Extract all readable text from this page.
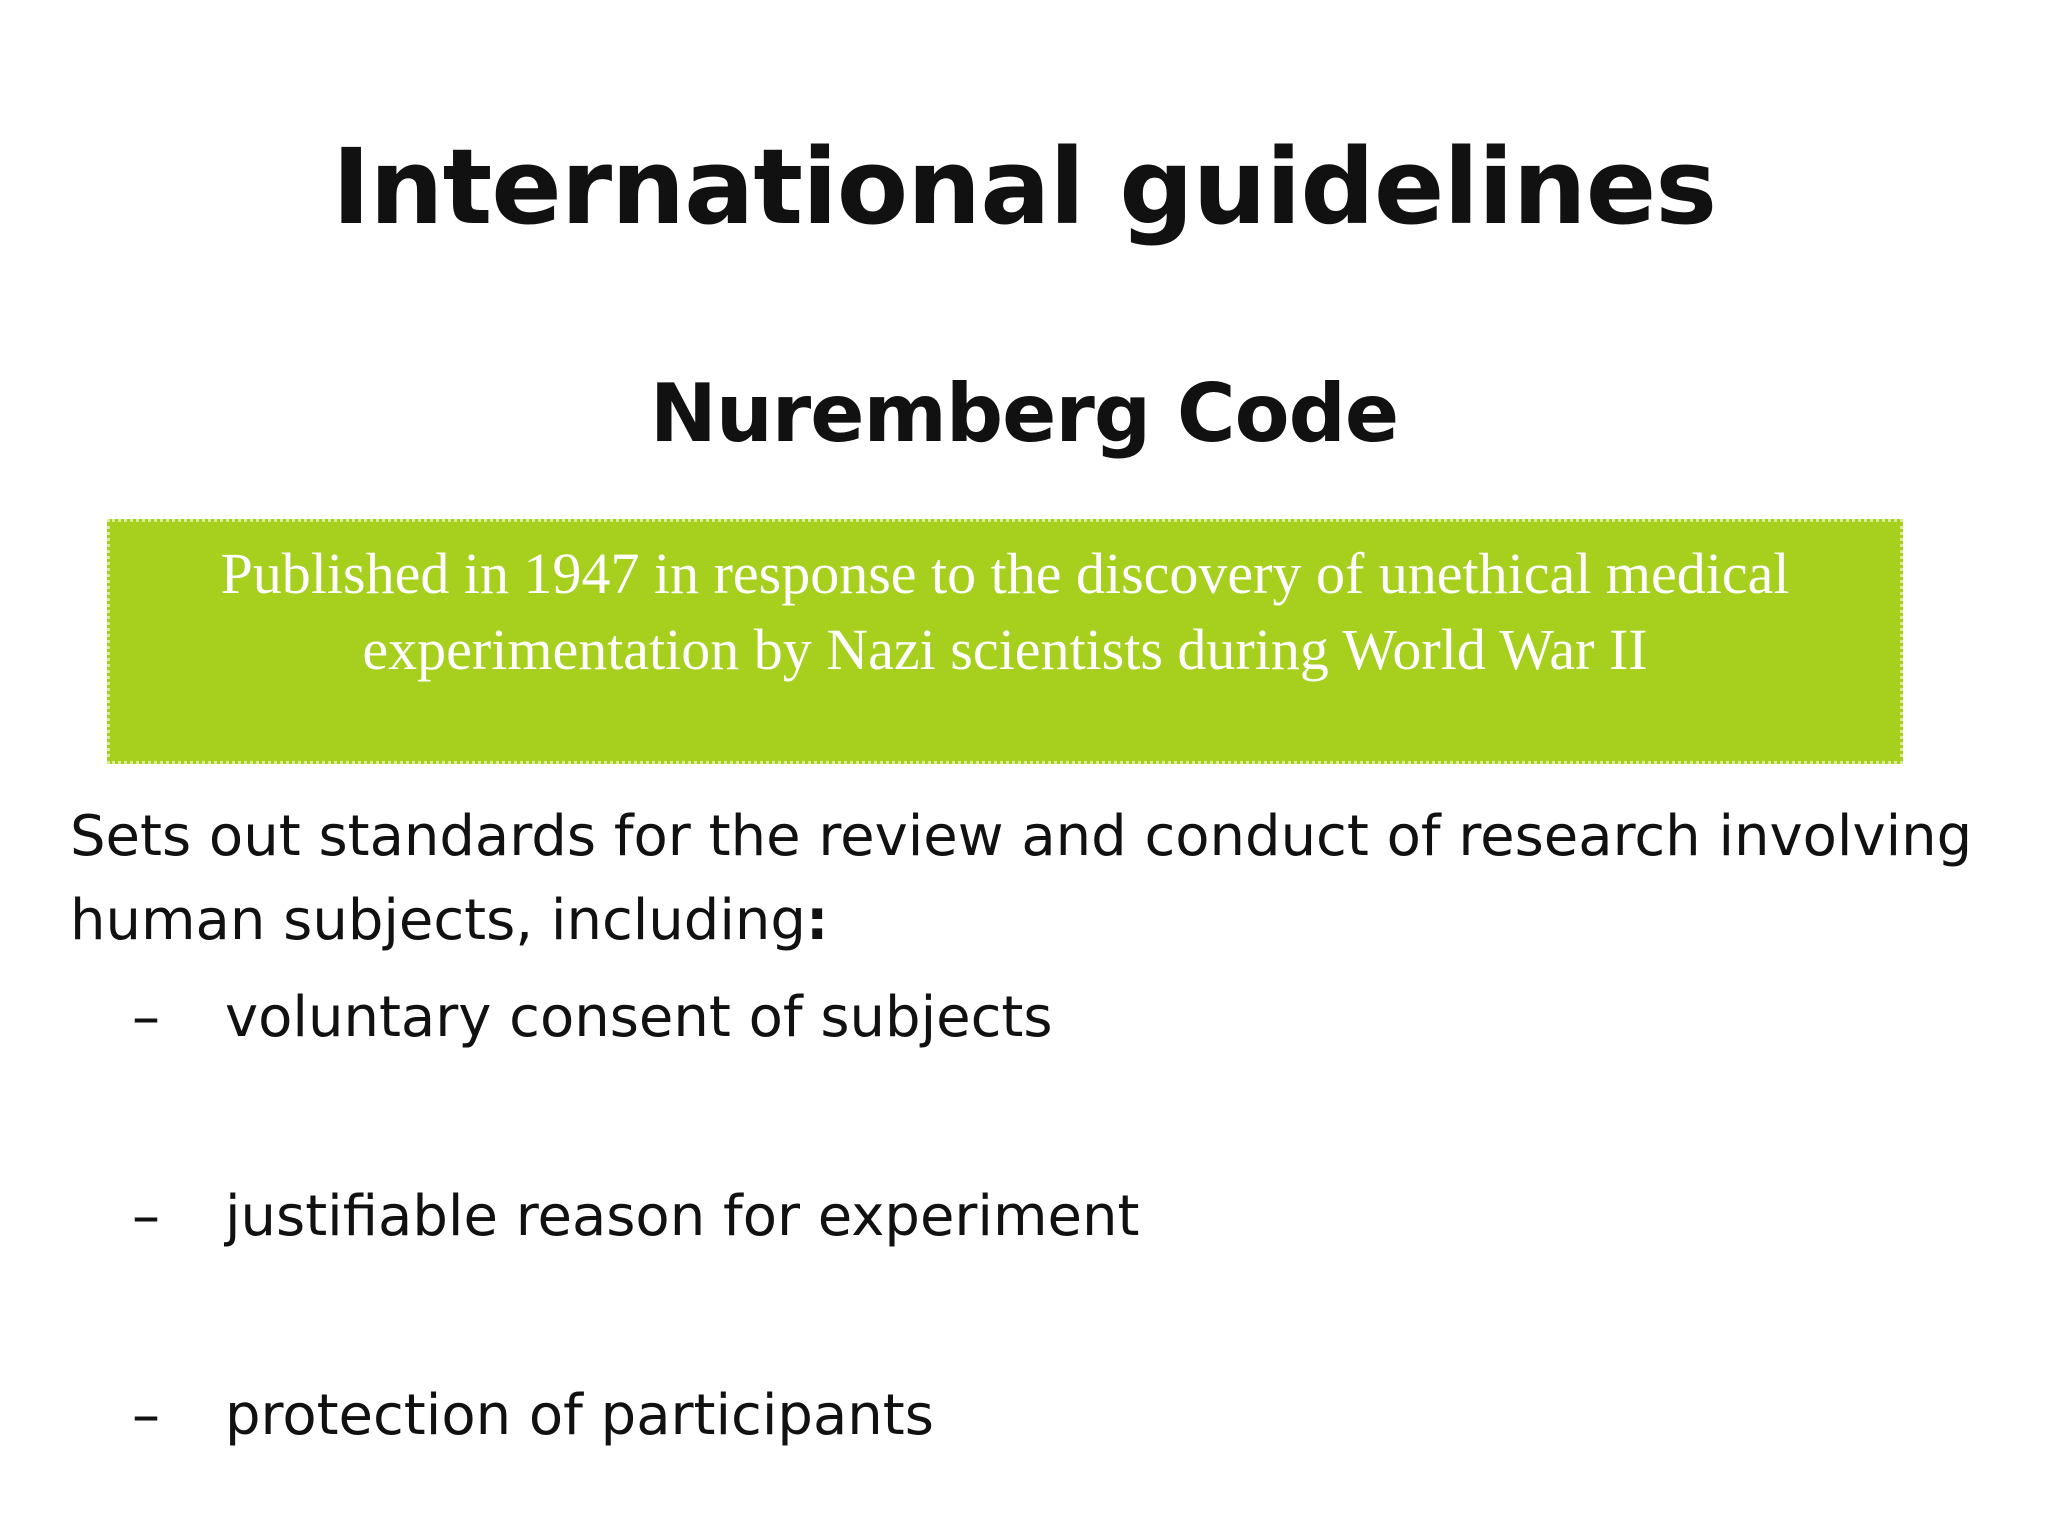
International guidelines
Nuremberg Code

Published in 1947 in response to the discovery of unethical medical
experimentation by Nazi scientists during World War II

Sets out standards for the review and conduct of research involving human subjects, including:

– voluntary consent of subjects
– justifiable reason for experiment
– protection of participants
